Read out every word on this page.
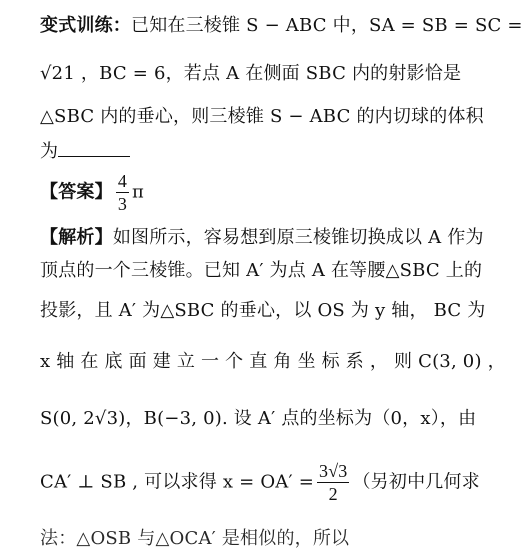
变式训练：已知在三棱锥 S − ABC 中，SA = SB = SC =
√21 ，BC = 6，若点 A 在侧面 SBC 内的射影恰是
△SBC 内的垂心，则三棱锥 S − ABC 的内切球的体积
为
【答案】 $\frac{4}{3}$ π
【解析】如图所示，容易想到原三棱锥切换成以 A 作为
顶点的一个三棱锥。已知 A′ 为点 A 在等腰△SBC 上的
投影，且 A′ 为△SBC 的垂心，以 OS 为 y 轴， BC 为
x 轴 在 底 面 建 立 一 个 直 角 坐 标 系 ， 则 C(3, 0) ，
S(0, 2√3)，B(−3, 0). 设 A′ 点的坐标为（0，x），由
CA′ ⊥ SB , 可以求得 $x = OA' = \frac{3√3}{2}$ （另初中几何求
法：△OSB 与△OCA′ 是相似的，所以
